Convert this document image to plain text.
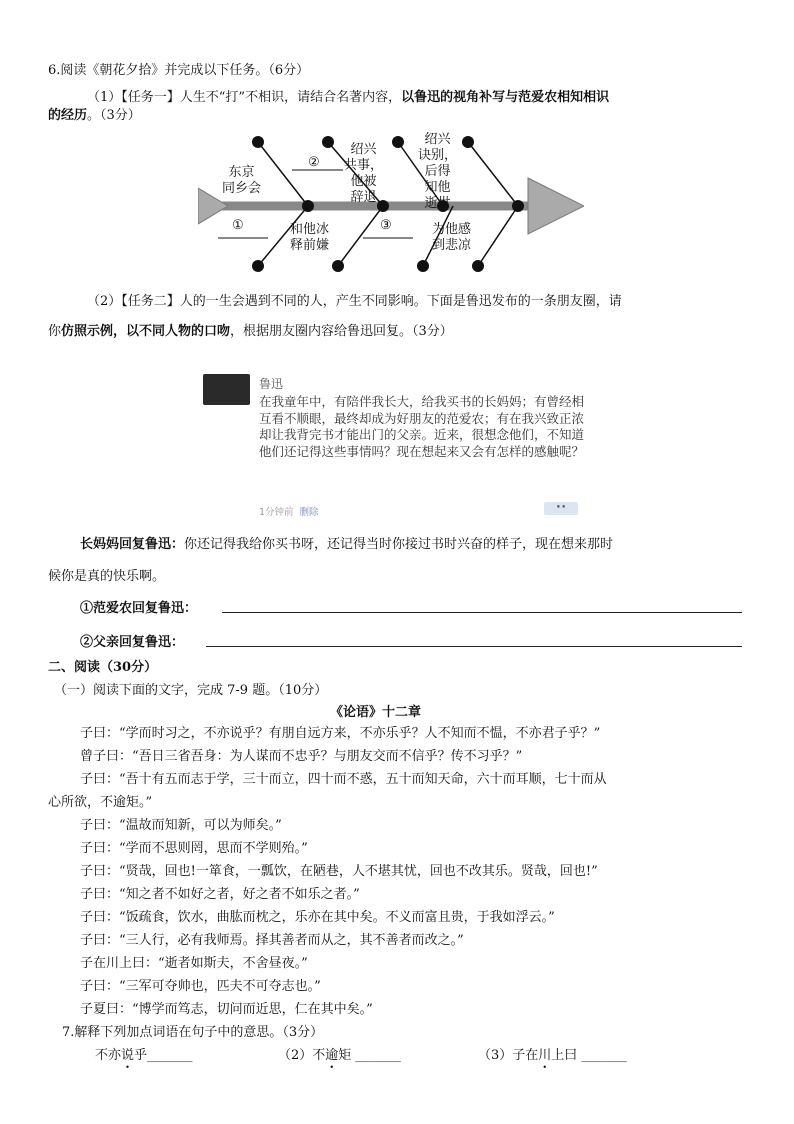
6.阅读《朝花夕拾》并完成以下任务。（6分）
（1）【任务一】人生不“打”不相识，请结合名著内容，以鲁迅的视角补写与范爱农相知相识
的经历。（3分）
东京
同乡会
②
绍兴
共事，
他被
辞退
绍兴
诀别，
后得
知他
逝世
①	和他冰
释前嫌
③	为他感
到悲凉
（2）【任务二】人的一生会遇到不同的人，产生不同影响。下面是鲁迅发布的一条朋友圈，请
你仿照示例，以不同人物的口吻，根据朋友圈内容给鲁迅回复。（3分）
鲁迅
在我童年中，有陪伴我长大，给我买书的长妈妈；有曾经相互看不顺眼，最终却成为好朋友的范爱农；有在我兴致正浓却让我背完书才能出门的父亲。近来，很想念他们，不知道他们还记得这些事情吗？现在想起来又会有怎样的感触呢？
1分钟前 删除	••
长妈妈回复鲁迅：你还记得我给你买书呀，还记得当时你接过书时兴奋的样子，现在想来那时
候你是真的快乐啊。
①范爱农回复鲁迅：
②父亲回复鲁迅：
二、阅读（30分）
（一）阅读下面的文字，完成 7-9 题。（10分）
《论语》十二章
子曰：“学而时习之，不亦说乎？有朋自远方来，不亦乐乎？人不知而不愠，不亦君子乎？”
曾子曰：“吾日三省吾身：为人谋而不忠乎？与朋友交而不信乎？传不习乎？”
子曰：“吾十有五而志于学，三十而立，四十而不惑，五十而知天命，六十而耳顺，七十而从
心所欲，不逾矩。”
子曰：“温故而知新，可以为师矣。”
子曰：“学而不思则罔，思而不学则殆。”
子曰：“贤哉，回也!一箪食，一瓢饮，在陋巷，人不堪其忧，回也不改其乐。贤哉，回也!”
子曰：“知之者不如好之者，好之者不如乐之者。”
子曰：“饭疏食，饮水，曲肱而枕之，乐亦在其中矣。不义而富且贵，于我如浮云。”
子曰：“三人行，必有我师焉。择其善者而从之，其不善者而改之。”
子在川上曰：“逝者如斯夫，不舍昼夜。”
子曰：“三军可夺帅也，匹夫不可夺志也。”
子夏曰：“博学而笃志，切问而近思，仁在其中矣。”
7.解释下列加点词语在句子中的意思。（3分）
不亦说乎_______	（2）不逾矩 _______	（3）子在川上曰 _______
